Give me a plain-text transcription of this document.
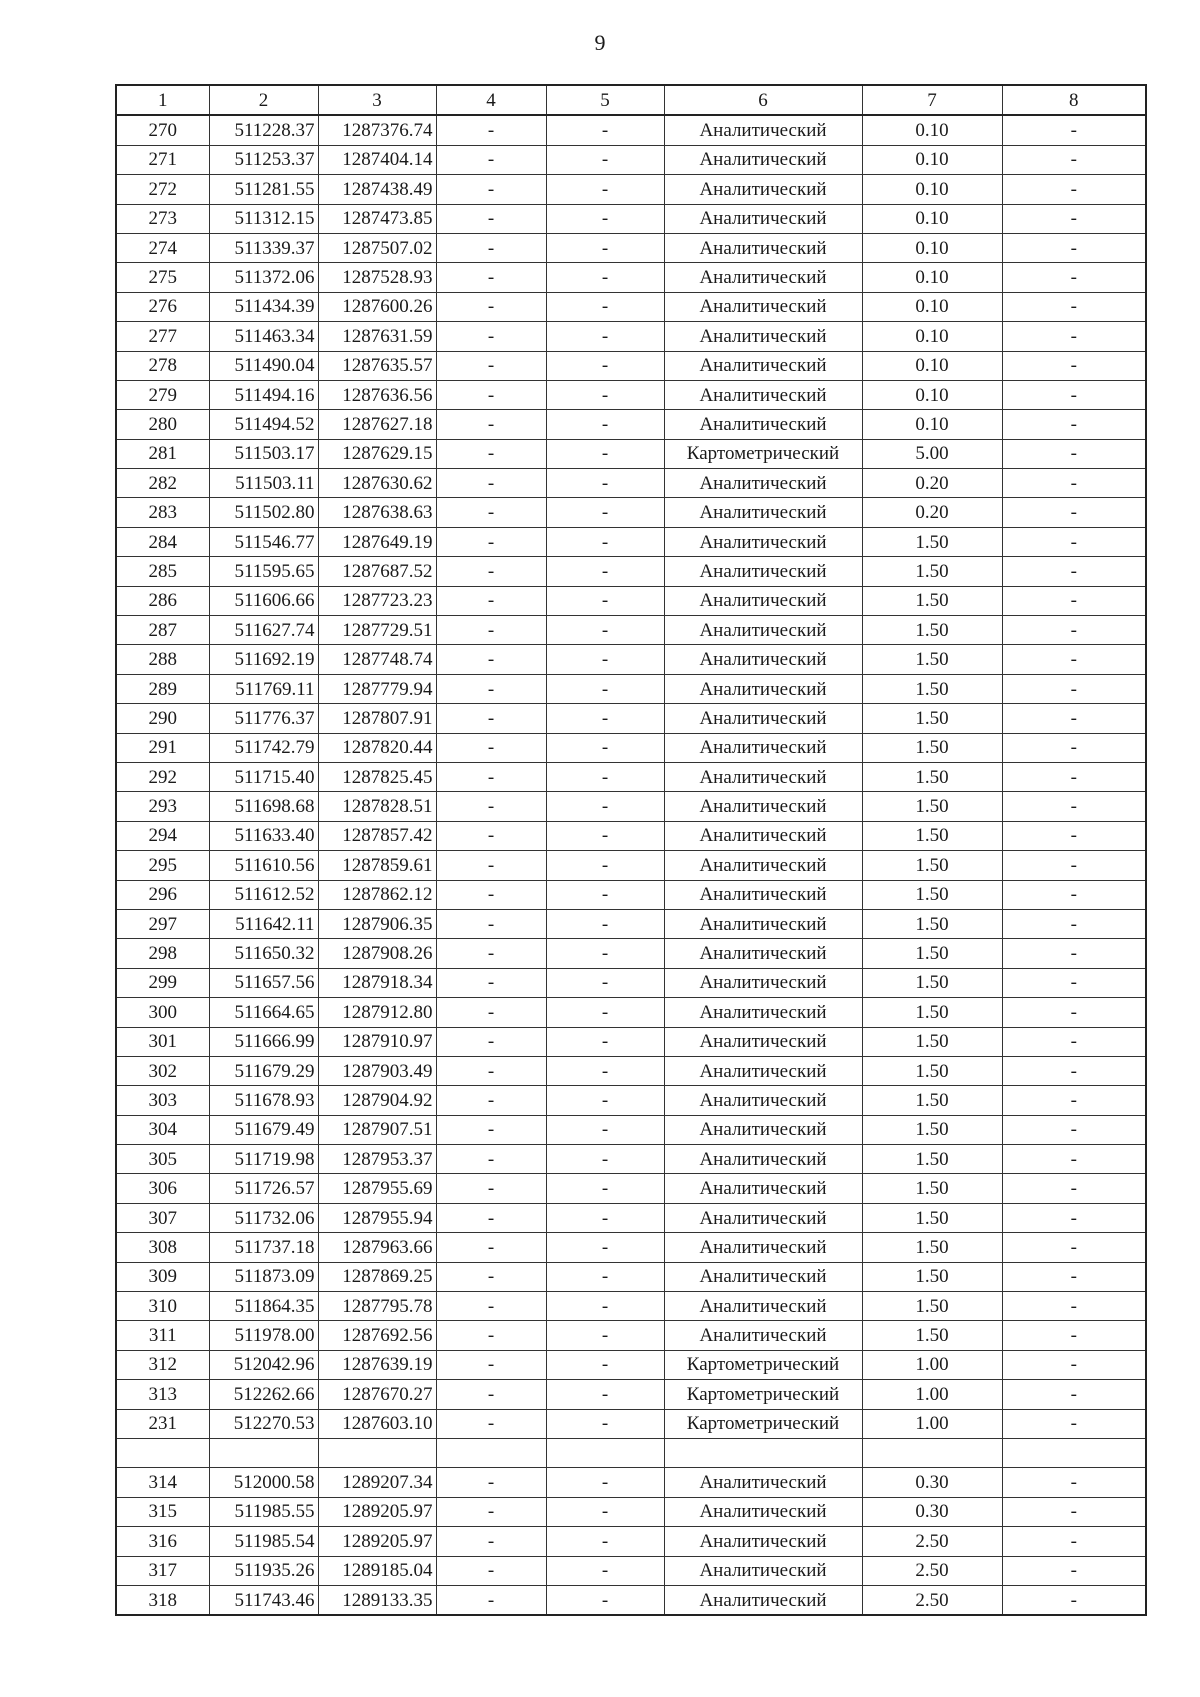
9
1	2	3	4	5	6	7	8
270	511228.37	1287376.74	-	-	Аналитический	0.10	-
271	511253.37	1287404.14	-	-	Аналитический	0.10	-
272	511281.55	1287438.49	-	-	Аналитический	0.10	-
273	511312.15	1287473.85	-	-	Аналитический	0.10	-
274	511339.37	1287507.02	-	-	Аналитический	0.10	-
275	511372.06	1287528.93	-	-	Аналитический	0.10	-
276	511434.39	1287600.26	-	-	Аналитический	0.10	-
277	511463.34	1287631.59	-	-	Аналитический	0.10	-
278	511490.04	1287635.57	-	-	Аналитический	0.10	-
279	511494.16	1287636.56	-	-	Аналитический	0.10	-
280	511494.52	1287627.18	-	-	Аналитический	0.10	-
281	511503.17	1287629.15	-	-	Картометрический	5.00	-
282	511503.11	1287630.62	-	-	Аналитический	0.20	-
283	511502.80	1287638.63	-	-	Аналитический	0.20	-
284	511546.77	1287649.19	-	-	Аналитический	1.50	-
285	511595.65	1287687.52	-	-	Аналитический	1.50	-
286	511606.66	1287723.23	-	-	Аналитический	1.50	-
287	511627.74	1287729.51	-	-	Аналитический	1.50	-
288	511692.19	1287748.74	-	-	Аналитический	1.50	-
289	511769.11	1287779.94	-	-	Аналитический	1.50	-
290	511776.37	1287807.91	-	-	Аналитический	1.50	-
291	511742.79	1287820.44	-	-	Аналитический	1.50	-
292	511715.40	1287825.45	-	-	Аналитический	1.50	-
293	511698.68	1287828.51	-	-	Аналитический	1.50	-
294	511633.40	1287857.42	-	-	Аналитический	1.50	-
295	511610.56	1287859.61	-	-	Аналитический	1.50	-
296	511612.52	1287862.12	-	-	Аналитический	1.50	-
297	511642.11	1287906.35	-	-	Аналитический	1.50	-
298	511650.32	1287908.26	-	-	Аналитический	1.50	-
299	511657.56	1287918.34	-	-	Аналитический	1.50	-
300	511664.65	1287912.80	-	-	Аналитический	1.50	-
301	511666.99	1287910.97	-	-	Аналитический	1.50	-
302	511679.29	1287903.49	-	-	Аналитический	1.50	-
303	511678.93	1287904.92	-	-	Аналитический	1.50	-
304	511679.49	1287907.51	-	-	Аналитический	1.50	-
305	511719.98	1287953.37	-	-	Аналитический	1.50	-
306	511726.57	1287955.69	-	-	Аналитический	1.50	-
307	511732.06	1287955.94	-	-	Аналитический	1.50	-
308	511737.18	1287963.66	-	-	Аналитический	1.50	-
309	511873.09	1287869.25	-	-	Аналитический	1.50	-
310	511864.35	1287795.78	-	-	Аналитический	1.50	-
311	511978.00	1287692.56	-	-	Аналитический	1.50	-
312	512042.96	1287639.19	-	-	Картометрический	1.00	-
313	512262.66	1287670.27	-	-	Картометрический	1.00	-
231	512270.53	1287603.10	-	-	Картометрический	1.00	-

314	512000.58	1289207.34	-	-	Аналитический	0.30	-
315	511985.55	1289205.97	-	-	Аналитический	0.30	-
316	511985.54	1289205.97	-	-	Аналитический	2.50	-
317	511935.26	1289185.04	-	-	Аналитический	2.50	-
318	511743.46	1289133.35	-	-	Аналитический	2.50	-
